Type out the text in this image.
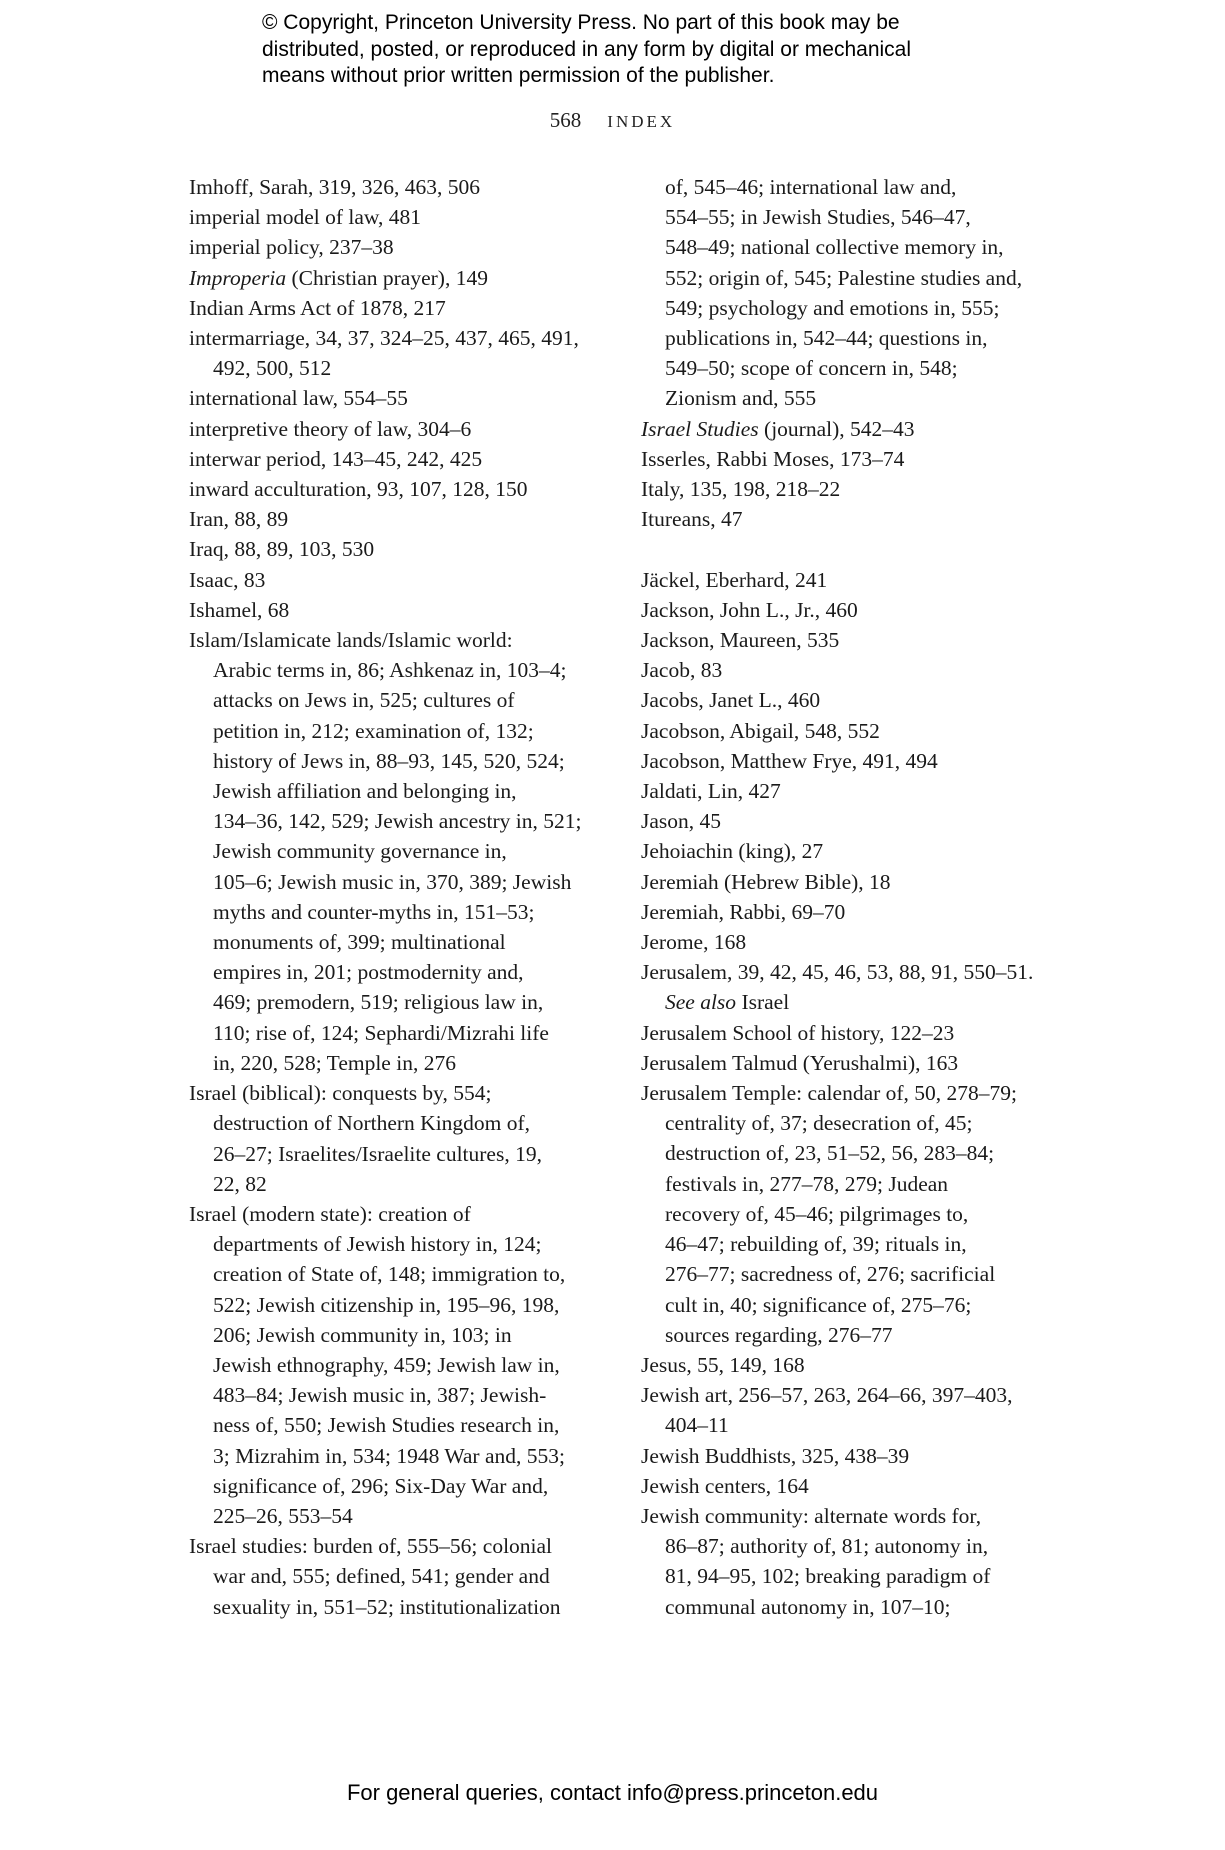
© Copyright, Princeton University Press. No part of this book may be
distributed, posted, or reproduced in any form by digital or mechanical
means without prior written permission of the publisher.
568 INDEX
Imhoff, Sarah, 319, 326, 463, 506
imperial model of law, 481
imperial policy, 237–38
Improperia (Christian prayer), 149
Indian Arms Act of 1878, 217
intermarriage, 34, 37, 324–25, 437, 465, 491,
492, 500, 512
international law, 554–55
interpretive theory of law, 304–6
interwar period, 143–45, 242, 425
inward acculturation, 93, 107, 128, 150
Iran, 88, 89
Iraq, 88, 89, 103, 530
Isaac, 83
Ishamel, 68
Islam/Islamicate lands/Islamic world:
Arabic terms in, 86; Ashkenaz in, 103–4;
attacks on Jews in, 525; cultures of
petition in, 212; examination of, 132;
history of Jews in, 88–93, 145, 520, 524;
Jewish affiliation and belonging in,
134–36, 142, 529; Jewish ancestry in, 521;
Jewish community governance in,
105–6; Jewish music in, 370, 389; Jewish
myths and counter-myths in, 151–53;
monuments of, 399; multinational
empires in, 201; postmodernity and,
469; premodern, 519; religious law in,
110; rise of, 124; Sephardi/Mizrahi life
in, 220, 528; Temple in, 276
Israel (biblical): conquests by, 554;
destruction of Northern Kingdom of,
26–27; Israelites/Israelite cultures, 19,
22, 82
Israel (modern state): creation of
departments of Jewish history in, 124;
creation of State of, 148; immigration to,
522; Jewish citizenship in, 195–96, 198,
206; Jewish community in, 103; in
Jewish ethnography, 459; Jewish law in,
483–84; Jewish music in, 387; Jewish-
ness of, 550; Jewish Studies research in,
3; Mizrahim in, 534; 1948 War and, 553;
significance of, 296; Six-Day War and,
225–26, 553–54
Israel studies: burden of, 555–56; colonial
war and, 555; defined, 541; gender and
sexuality in, 551–52; institutionalization
of, 545–46; international law and,
554–55; in Jewish Studies, 546–47,
548–49; national collective memory in,
552; origin of, 545; Palestine studies and,
549; psychology and emotions in, 555;
publications in, 542–44; questions in,
549–50; scope of concern in, 548;
Zionism and, 555
Israel Studies (journal), 542–43
Isserles, Rabbi Moses, 173–74
Italy, 135, 198, 218–22
Itureans, 47
Jäckel, Eberhard, 241
Jackson, John L., Jr., 460
Jackson, Maureen, 535
Jacob, 83
Jacobs, Janet L., 460
Jacobson, Abigail, 548, 552
Jacobson, Matthew Frye, 491, 494
Jaldati, Lin, 427
Jason, 45
Jehoiachin (king), 27
Jeremiah (Hebrew Bible), 18
Jeremiah, Rabbi, 69–70
Jerome, 168
Jerusalem, 39, 42, 45, 46, 53, 88, 91, 550–51.
See also Israel
Jerusalem School of history, 122–23
Jerusalem Talmud (Yerushalmi), 163
Jerusalem Temple: calendar of, 50, 278–79;
centrality of, 37; desecration of, 45;
destruction of, 23, 51–52, 56, 283–84;
festivals in, 277–78, 279; Judean
recovery of, 45–46; pilgrimages to,
46–47; rebuilding of, 39; rituals in,
276–77; sacredness of, 276; sacrificial
cult in, 40; significance of, 275–76;
sources regarding, 276–77
Jesus, 55, 149, 168
Jewish art, 256–57, 263, 264–66, 397–403,
404–11
Jewish Buddhists, 325, 438–39
Jewish centers, 164
Jewish community: alternate words for,
86–87; authority of, 81; autonomy in,
81, 94–95, 102; breaking paradigm of
communal autonomy in, 107–10;
For general queries, contact info@press.princeton.edu
